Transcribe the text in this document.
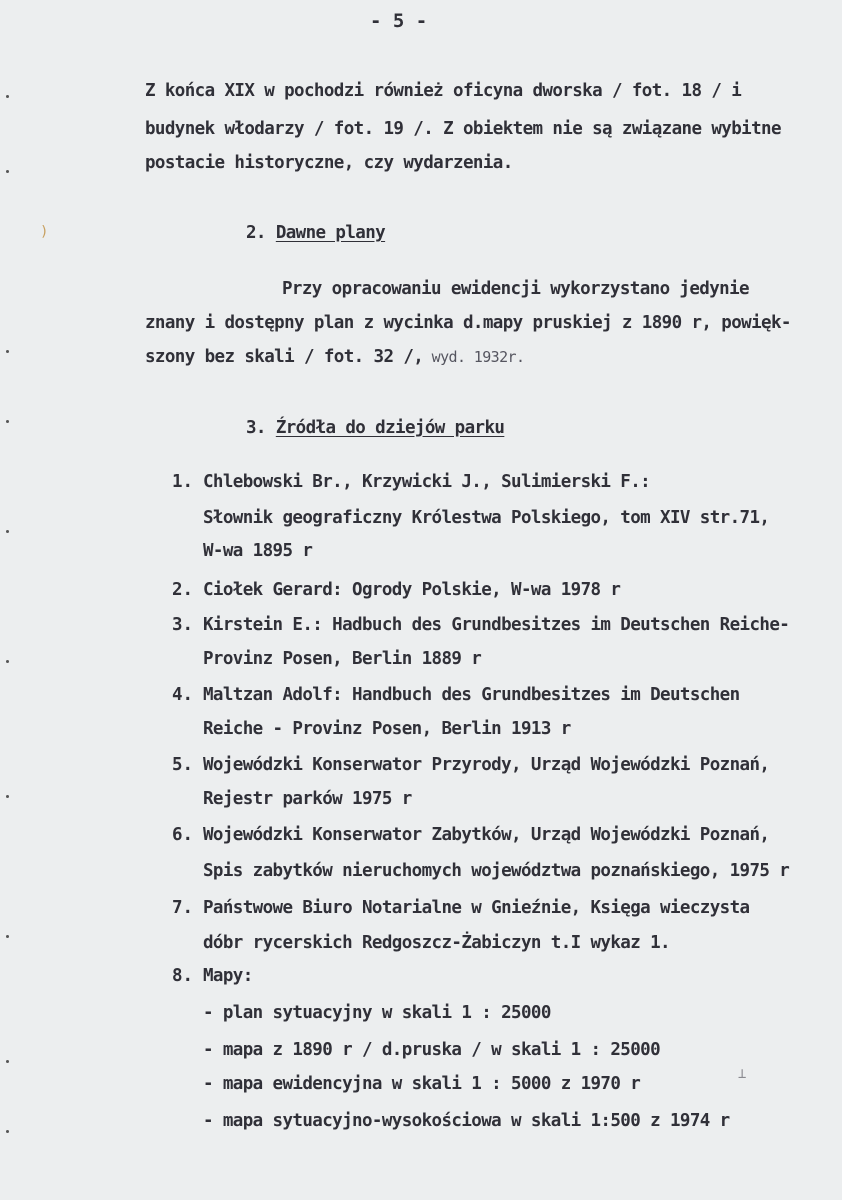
- 5 -
Z końca XIX w pochodzi również oficyna dworska / fot. 18 / i
budynek włodarzy / fot. 19 /. Z obiektem nie są związane wybitne
postacie historyczne, czy wydarzenia.
2. Dawne plany
Przy opracowaniu ewidencji wykorzystano jedynie
znany i dostępny plan z wycinka d.mapy pruskiej z 1890 r, powięk-
szony bez skali / fot. 32 /, wyd. 1932r.
3. Źródła do dziejów parku
1. Chlebowski Br., Krzywicki J., Sulimierski F.:
Słownik geograficzny Królestwa Polskiego, tom XIV str.71,
W-wa 1895 r
2. Ciołek Gerard: Ogrody Polskie, W-wa 1978 r
3. Kirstein E.: Hadbuch des Grundbesitzes im Deutschen Reiche-
Provinz Posen, Berlin 1889 r
4. Maltzan Adolf: Handbuch des Grundbesitzes im Deutschen
Reiche - Provinz Posen, Berlin 1913 r
5. Wojewódzki Konserwator Przyrody, Urząd Wojewódzki Poznań,
Rejestr parków 1975 r
6. Wojewódzki Konserwator Zabytków, Urząd Wojewódzki Poznań,
Spis zabytków nieruchomych województwa poznańskiego, 1975 r
7. Państwowe Biuro Notarialne w Gnieźnie, Księga wieczysta
dóbr rycerskich Redgoszcz-Żabiczyn t.I wykaz 1.
8. Mapy:
- plan sytuacyjny w skali 1 : 25000
- mapa z 1890 r / d.pruska / w skali 1 : 25000
- mapa ewidencyjna w skali 1 : 5000 z 1970 r
- mapa sytuacyjno-wysokościowa w skali 1:500 z 1974 r
)
⊥
